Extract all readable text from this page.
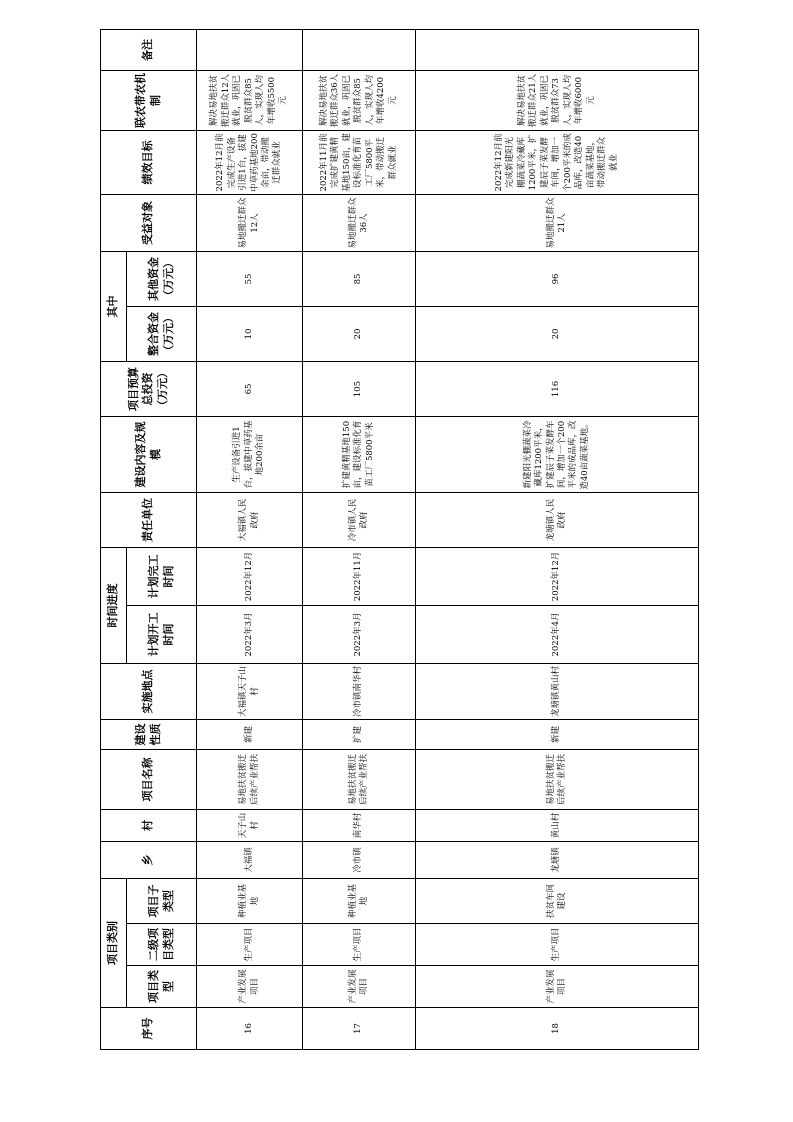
序号	项目类别			乡	村	项目名称	建设性质	实施地点	时间进度		责任单位	建设内容及规模	项目预算总投资（万元）	其中		受益对象	绩效目标	联农带农机制	备注
	项目类型	二级项目类型	项目子类型						计划开工时间	计划完工时间				整合资金（万元）	其他资金（万元）				
16	产业发展项目	生产项目	种植业基地	大福镇	天子山村	易地扶贫搬迁后续产业帮扶	新建	大福镇天子山村	2022年3月	2022年12月	大福镇人民政府	生产设备引进1台，拔建中草药基地200余亩	65	10	55	易地搬迁群众12人	2022年12月前完成生产设备引进1台，拔建中草药基地200余亩，带动搬迁群众就业	解决易地扶贫搬迁群众12人就业，巩固已脱贫群众85人，实现人均年增收5500元	
17	产业发展项目	生产项目	种植业基地	冷市镇	南华村	易地扶贫搬迁后续产业帮扶	扩建	冷市镇南华村	2022年3月	2022年11月	冷市镇人民政府	扩建黄精基地150亩，建设标准化育苗工厂5800平米	105	20	85	易地搬迁群众36人	2022年11月前完成扩建黄精基地150亩，建设标准化育苗工厂5800平米，带动搬迁群众就业	解决易地扶贫搬迁群众36人就业，巩固已脱贫群众85人，实现人均年增收4200元	
18	产业发展项目	生产项目	扶贫车间建设	龙塘镇	黄山村	易地扶贫搬迁后续产业帮扶	新建	龙塘镇黄山村	2022年4月	2022年12月	龙塘镇人民政府	新建阳光棚蔬菜冷藏库1200平米，扩建辰子菜发酵车间，增加一个200平米的成品库，改造40亩蔬菜基地。	116	20	96	易地搬迁群众21人	2022年12月前完成新建阳光棚蔬菜冷藏库1200平米，扩建辰子菜发酵车间，增加一个200平米的成品库，改造40亩蔬菜基地，带动搬迁群众就业	解决易地扶贫搬迁群众21人就业，巩固已脱贫群众73人，实现人均年增收6000元	
